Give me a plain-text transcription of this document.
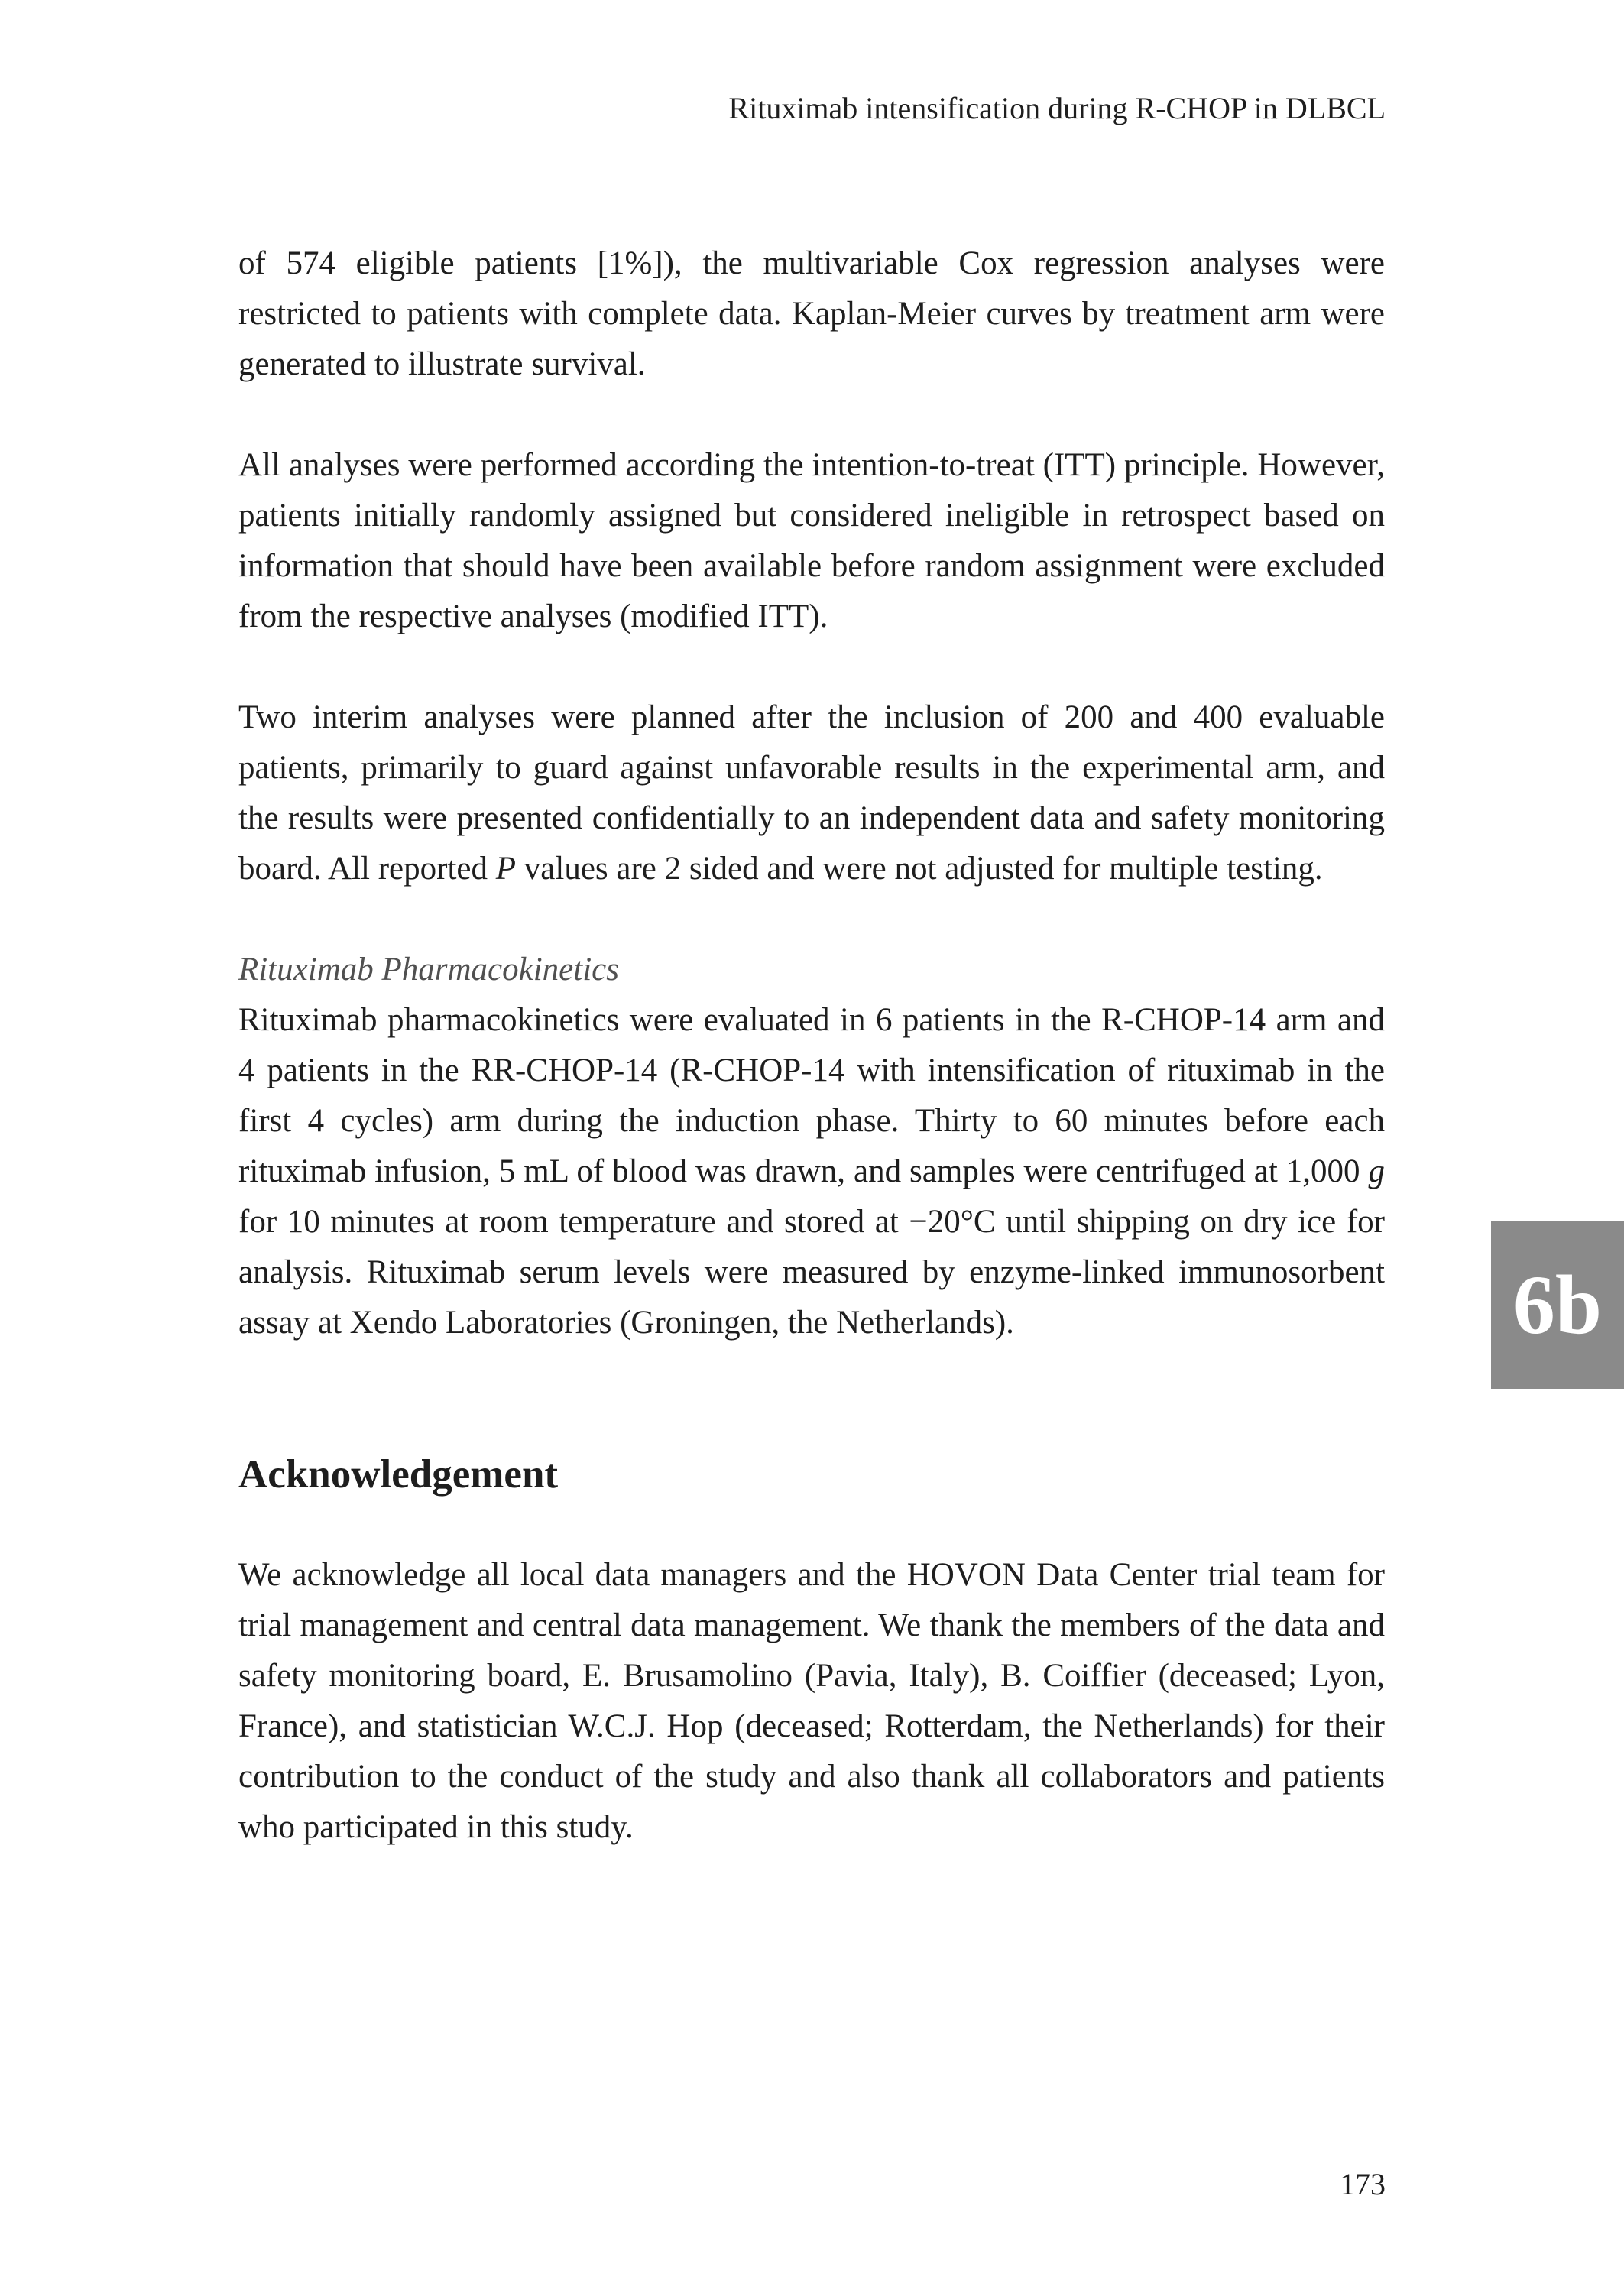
Rituximab intensification during R-CHOP in DLBCL

of 574 eligible patients [1%]), the multivariable Cox regression analyses were restricted to patients with complete data. Kaplan-Meier curves by treatment arm were generated to illustrate survival.

All analyses were performed according the intention-to-treat (ITT) principle. However, patients initially randomly assigned but considered ineligible in retrospect based on information that should have been available before random assignment were excluded from the respective analyses (modified ITT).

Two interim analyses were planned after the inclusion of 200 and 400 evaluable patients, primarily to guard against unfavorable results in the experimental arm, and the results were presented confidentially to an independent data and safety monitoring board. All reported P values are 2 sided and were not adjusted for multiple testing.

Rituximab Pharmacokinetics

Rituximab pharmacokinetics were evaluated in 6 patients in the R-CHOP-14 arm and 4 patients in the RR-CHOP-14 (R-CHOP-14 with intensification of rituximab in the first 4 cycles) arm during the induction phase. Thirty to 60 minutes before each rituximab infusion, 5 mL of blood was drawn, and samples were centrifuged at 1,000 g for 10 minutes at room temperature and stored at −20°C until shipping on dry ice for analysis. Rituximab serum levels were measured by enzyme-linked immunosorbent assay at Xendo Laboratories (Groningen, the Netherlands).

Acknowledgement

We acknowledge all local data managers and the HOVON Data Center trial team for trial management and central data management. We thank the members of the data and safety monitoring board, E. Brusamolino (Pavia, Italy), B. Coiffier (deceased; Lyon, France), and statistician W.C.J. Hop (deceased; Rotterdam, the Netherlands) for their contribution to the conduct of the study and also thank all collaborators and patients who participated in this study.

6b
173
